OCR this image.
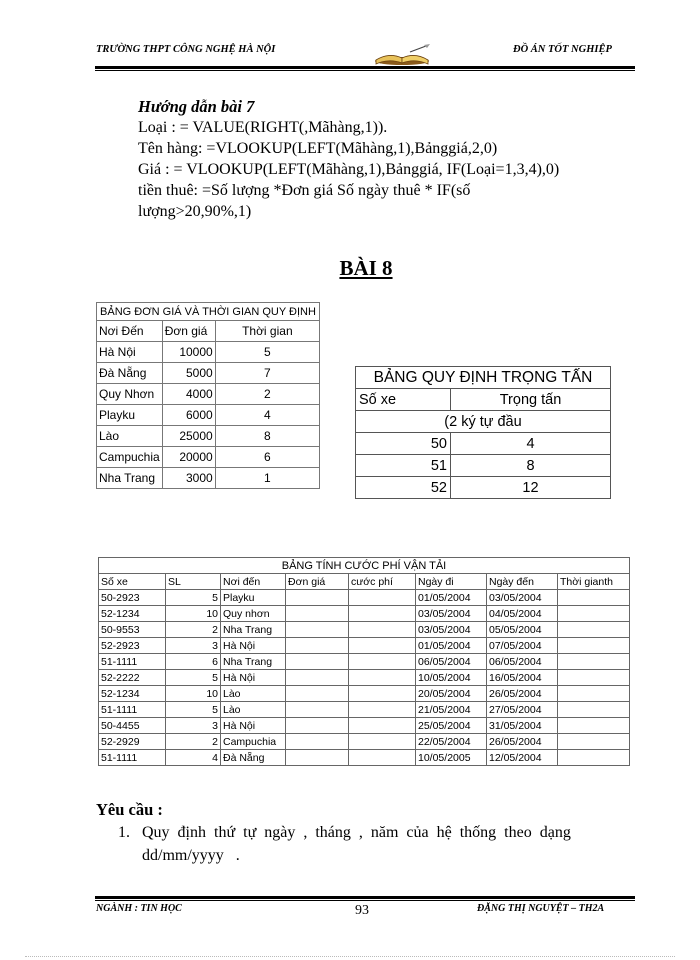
TRƯỜNG THPT CÔNG NGHỆ HÀ NỘI	ĐỒ ÁN TỐT NGHIỆP
Hướng dẫn bài 7
Loại : = VALUE(RIGHT(,Mãhàng,1)).
Tên hàng: =VLOOKUP(LEFT(Mãhàng,1),Bảnggiá,2,0)
Giá : = VLOOKUP(LEFT(Mãhàng,1),Bảnggiá, IF(Loại=1,3,4),0)
tiền thuê: =Số lượng *Đơn giá Số ngày thuê * IF(số
lượng>20,90%,1)
BÀI 8
BẢNG ĐƠN GIÁ VÀ THỜI GIAN QUY ĐỊNH		
Nơi Đến	Đơn giá	Thời gian
Hà Nội	10000	5
Đà Nẵng	5000	7
Quy Nhơn	4000	2
Playku	6000	4
Lào	25000	8
Campuchia	20000	6
Nha Trang	3000	1
BẢNG QUY ĐỊNH TRỌNG TẤN	
Số xe	Trọng tấn
(2 ký tự đầu	
50	4
51	8
52	12
BẢNG TÍNH CƯỚC PHÍ VẬN TẢI							
Số xe	SL	Nơi đến	Đơn giá	cước phí	Ngày đi	Ngày đến	Thời gianth
50-2923	5	Playku			01/05/2004	03/05/2004	
52-1234	10	Quy nhơn			03/05/2004	04/05/2004	
50-9553	2	Nha Trang			03/05/2004	05/05/2004	
52-2923	3	Hà Nội			01/05/2004	07/05/2004	
51-1111	6	Nha Trang			06/05/2004	06/05/2004	
52-2222	5	Hà Nội			10/05/2004	16/05/2004	
52-1234	10	Lào			20/05/2004	26/05/2004	
51-1111	5	Lào			21/05/2004	27/05/2004	
50-4455	3	Hà Nội			25/05/2004	31/05/2004	
52-2929	2	Campuchia			22/05/2004	26/05/2004	
51-1111	4	Đà Nẵng			10/05/2005	12/05/2004	
Yêu cầu :
1. Quy  định  thứ  tự  ngày  ,  tháng  ,  năm  của  hệ  thống  theo  dạng
dd/mm/yyyy   .
NGÀNH : TIN HỌC	93	ĐẶNG THỊ NGUYỆT – TH2A
